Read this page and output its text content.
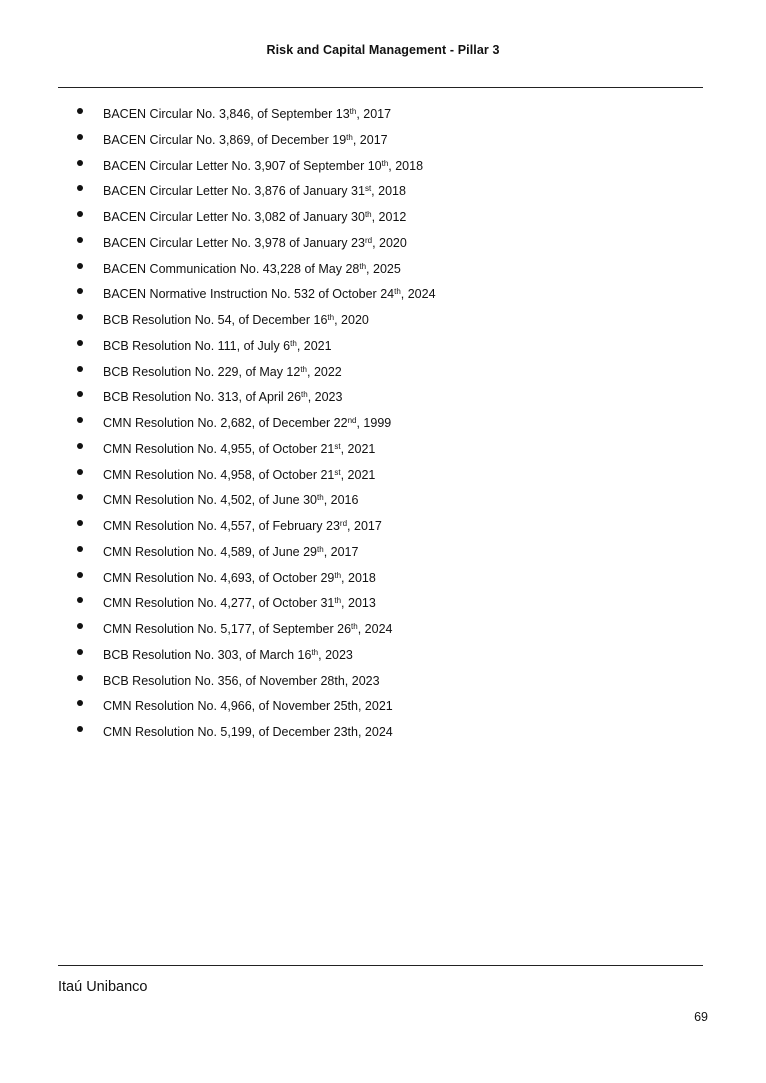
Risk and Capital Management - Pillar 3
BACEN Circular No. 3,846, of September 13th, 2017
BACEN Circular No. 3,869, of December 19th, 2017
BACEN Circular Letter No. 3,907 of September 10th, 2018
BACEN Circular Letter No. 3,876 of January 31st, 2018
BACEN Circular Letter No. 3,082 of January 30th, 2012
BACEN Circular Letter No. 3,978 of January 23rd, 2020
BACEN Communication No. 43,228 of May 28th, 2025
BACEN Normative Instruction No. 532 of October 24th, 2024
BCB Resolution No. 54, of December 16th, 2020
BCB Resolution No. 111, of July 6th, 2021
BCB Resolution No. 229, of May 12th, 2022
BCB Resolution No. 313, of April 26th, 2023
CMN Resolution No. 2,682, of December 22nd, 1999
CMN Resolution No. 4,955, of October 21st, 2021
CMN Resolution No. 4,958, of October 21st, 2021
CMN Resolution No. 4,502, of June 30th, 2016
CMN Resolution No. 4,557, of February 23rd, 2017
CMN Resolution No. 4,589, of June 29th, 2017
CMN Resolution No. 4,693, of October 29th, 2018
CMN Resolution No. 4,277, of October 31th, 2013
CMN Resolution No. 5,177, of September 26th, 2024
BCB Resolution No. 303, of March 16th, 2023
BCB Resolution No. 356, of November 28th, 2023
CMN Resolution No. 4,966, of November 25th, 2021
CMN Resolution No. 5,199, of December 23th, 2024
Itaú Unibanco
69
